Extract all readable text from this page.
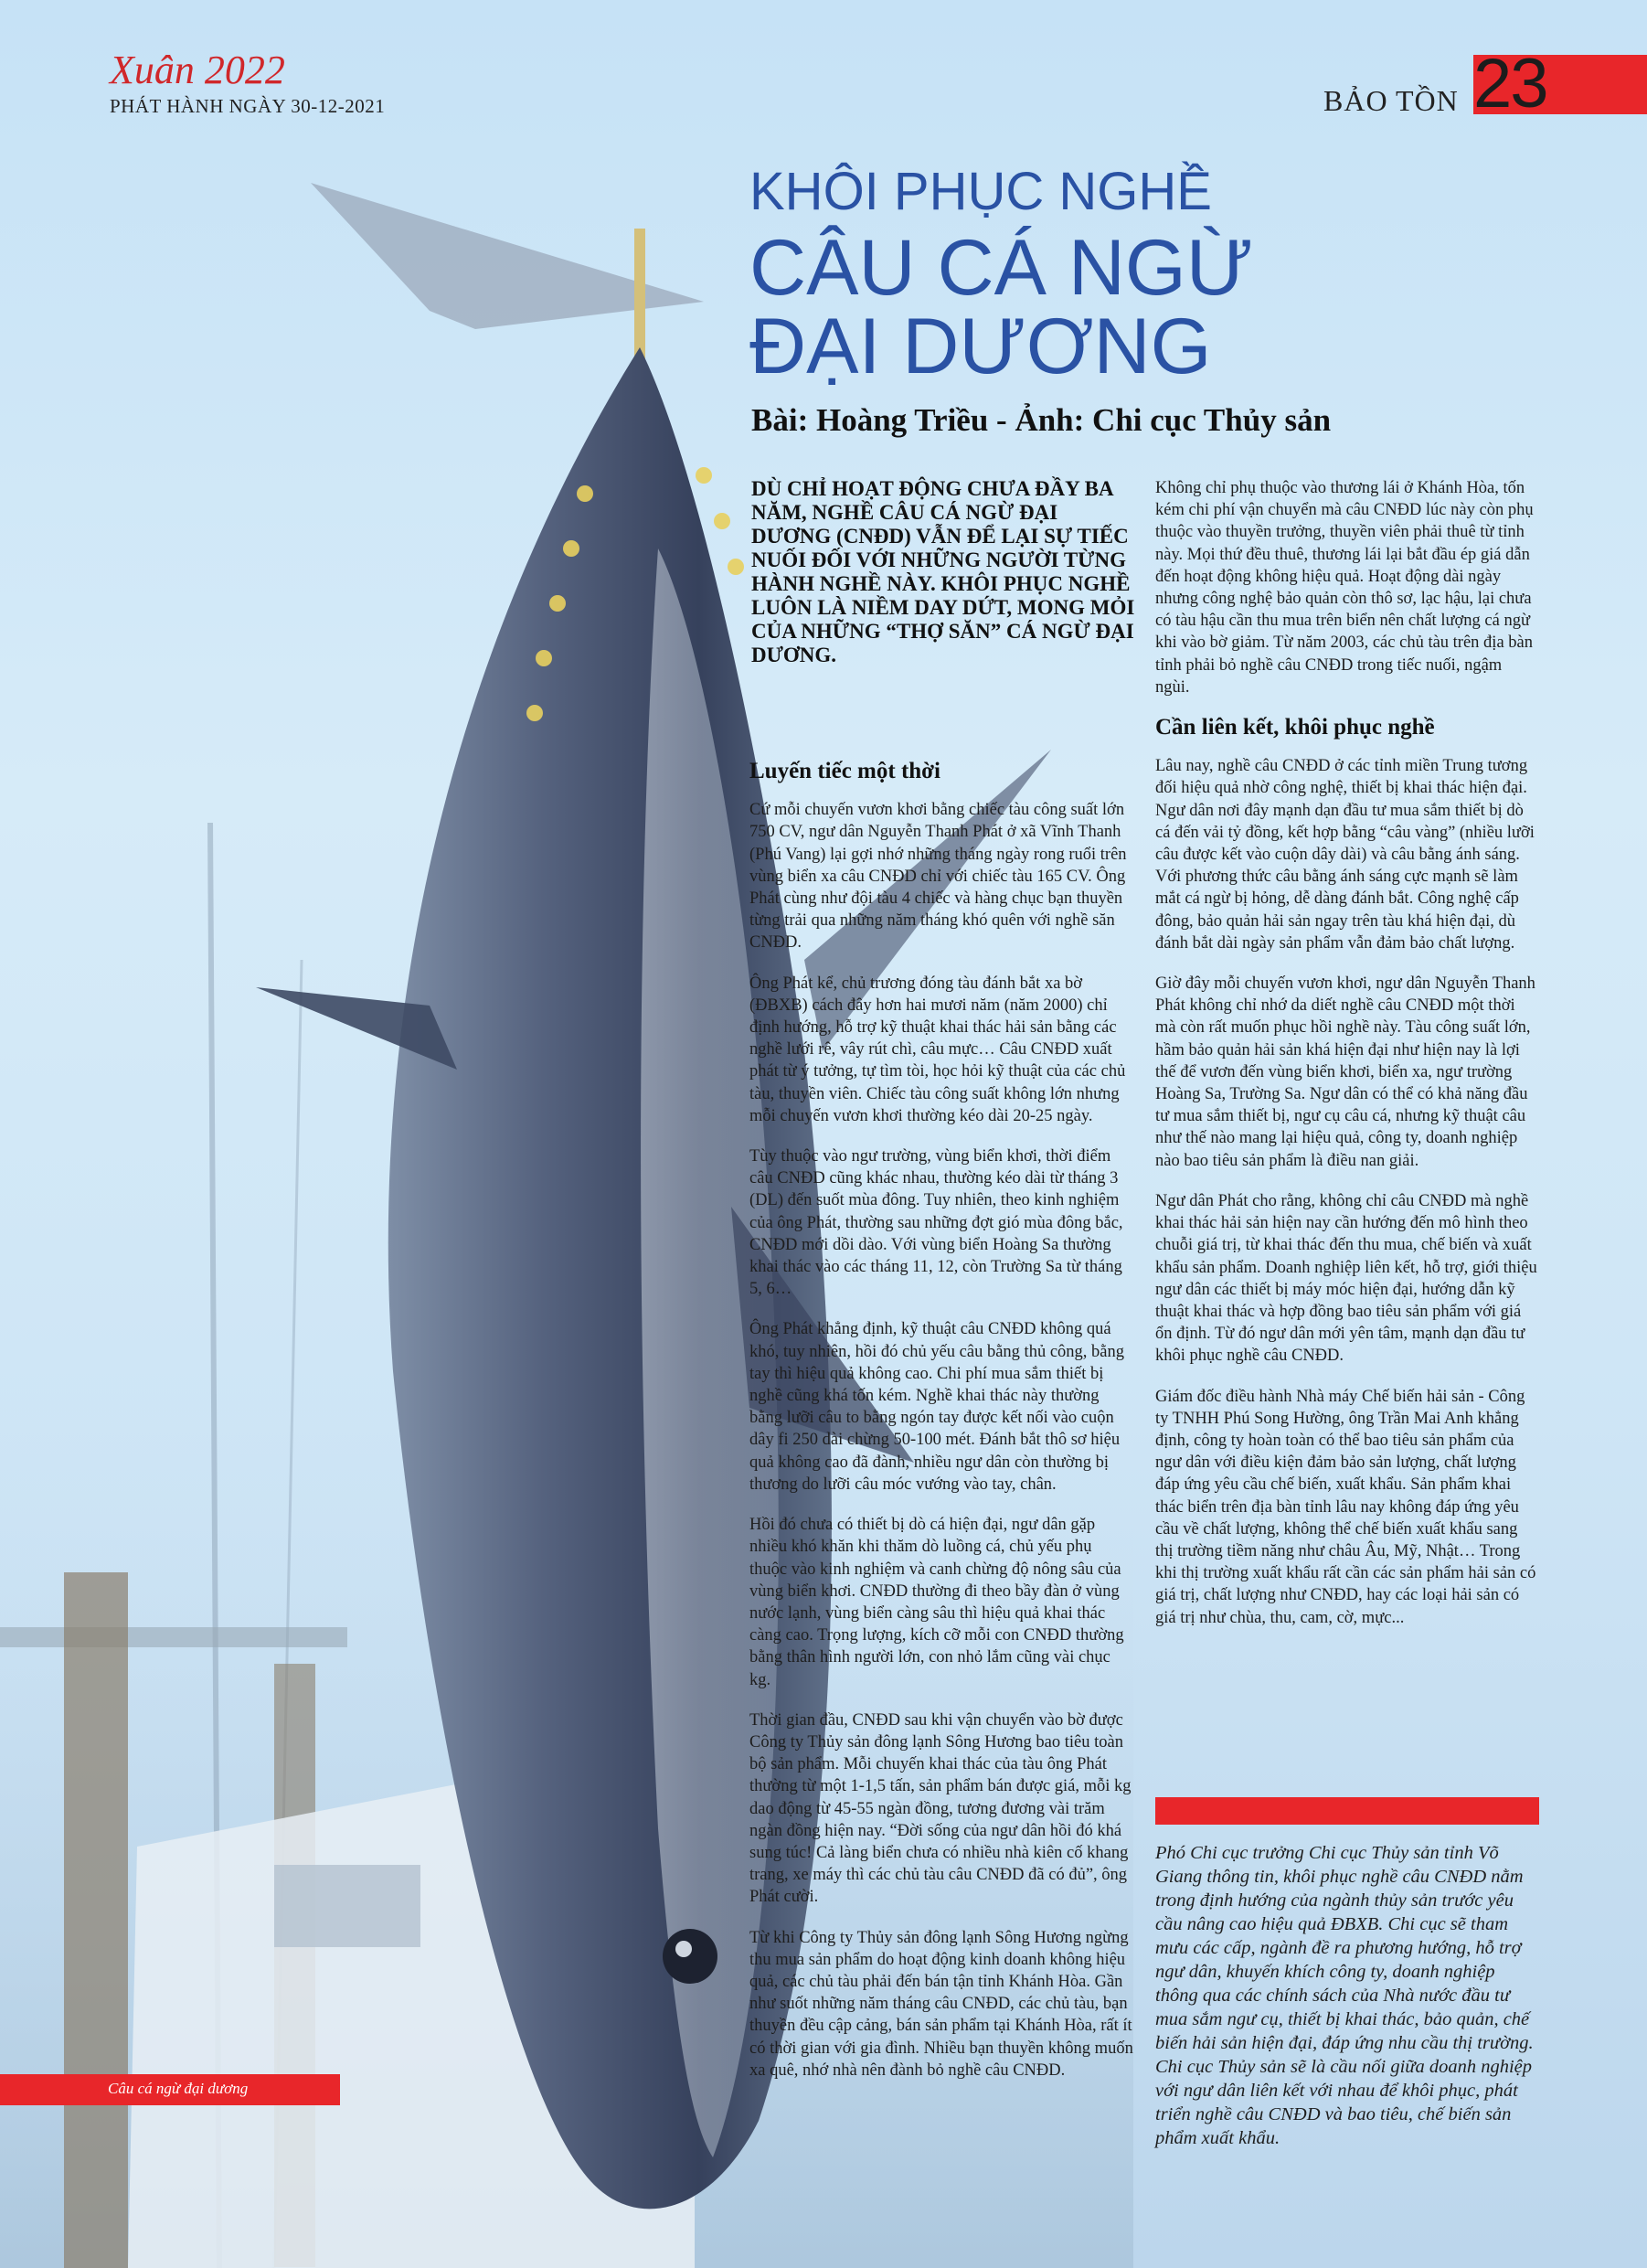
Xuân 2022
PHÁT HÀNH NGÀY 30-12-2021	BẢO TỒN 23
KHÔI PHỤC NGHỀ
CÂU CÁ NGỪ
ĐẠI DƯƠNG
Bài: Hoàng Triều - Ảnh: Chi cục Thủy sản
DÙ CHỈ HOẠT ĐỘNG CHƯA ĐẦY BA NĂM, NGHỀ CÂU CÁ NGỪ ĐẠI DƯƠNG (CNĐD) VẪN ĐỂ LẠI SỰ TIẾC NUỐI ĐỐI VỚI NHỮNG NGƯỜI TỪNG HÀNH NGHỀ NÀY. KHÔI PHỤC NGHỀ LUÔN LÀ NIỀM DAY DỨT, MONG MỎI CỦA NHỮNG “THỢ SĂN” CÁ NGỪ ĐẠI DƯƠNG.
Luyến tiếc một thời

Cứ mỗi chuyến vươn khơi bằng chiếc tàu công suất lớn 750 CV, ngư dân Nguyễn Thanh Phát ở xã Vĩnh Thanh (Phú Vang) lại gợi nhớ những tháng ngày rong ruổi trên vùng biển xa câu CNĐD chỉ với chiếc tàu 165 CV. Ông Phát cùng như đội tàu 4 chiếc và hàng chục bạn thuyền từng trải qua những năm tháng khó quên với nghề săn CNĐD.

Ông Phát kể, chủ trương đóng tàu đánh bắt xa bờ (ĐBXB) cách đây hơn hai mươi năm (năm 2000) chỉ định hướng, hỗ trợ kỹ thuật khai thác hải sản bằng các nghề lưới rê, vây rút chì, câu mực… Câu CNĐD xuất phát từ ý tưởng, tự tìm tòi, học hỏi kỹ thuật của các chủ tàu, thuyền viên. Chiếc tàu công suất không lớn nhưng mỗi chuyến vươn khơi thường kéo dài 20-25 ngày.

Tùy thuộc vào ngư trường, vùng biển khơi, thời điểm câu CNĐD cũng khác nhau, thường kéo dài từ tháng 3 (DL) đến suốt mùa đông. Tuy nhiên, theo kinh nghiệm của ông Phát, thường sau những đợt gió mùa đông bắc, CNĐD mới dồi dào. Với vùng biển Hoàng Sa thường khai thác vào các tháng 11, 12, còn Trường Sa từ tháng 5, 6…

Ông Phát khẳng định, kỹ thuật câu CNĐD không quá khó, tuy nhiên, hồi đó chủ yếu câu bằng thủ công, bằng tay thì hiệu quả không cao. Chi phí mua sắm thiết bị nghề cũng khá tốn kém. Nghề khai thác này thường bằng lưỡi câu to bằng ngón tay được kết nối vào cuộn dây fi 250 dài chừng 50-100 mét. Đánh bắt thô sơ hiệu quả không cao đã đành, nhiều ngư dân còn thường bị thương do lưỡi câu móc vướng vào tay, chân.

Hồi đó chưa có thiết bị dò cá hiện đại, ngư dân gặp nhiều khó khăn khi thăm dò luồng cá, chủ yếu phụ thuộc vào kinh nghiệm và canh chừng độ nông sâu của vùng biển khơi. CNĐD thường đi theo bầy đàn ở vùng nước lạnh, vùng biển càng sâu thì hiệu quả khai thác càng cao. Trọng lượng, kích cỡ mỗi con CNĐD thường bằng thân hình người lớn, con nhỏ lắm cũng vài chục kg.

Thời gian đầu, CNĐD sau khi vận chuyển vào bờ được Công ty Thủy sản đông lạnh Sông Hương bao tiêu toàn bộ sản phẩm. Mỗi chuyến khai thác của tàu ông Phát thường từ một 1-1,5 tấn, sản phẩm bán được giá, mỗi kg dao động từ 45-55 ngàn đồng, tương đương vài trăm ngàn đồng hiện nay. “Đời sống của ngư dân hồi đó khá sung túc! Cả làng biển chưa có nhiều nhà kiên cố khang trang, xe máy thì các chủ tàu câu CNĐD đã có đủ”, ông Phát cười.

Từ khi Công ty Thủy sản đông lạnh Sông Hương ngừng thu mua sản phẩm do hoạt động kinh doanh không hiệu quả, các chủ tàu phải đến bán tận tỉnh Khánh Hòa. Gần như suốt những năm tháng câu CNĐD, các chủ tàu, bạn thuyền đều cập cảng, bán sản phẩm tại Khánh Hòa, rất ít có thời gian với gia đình. Nhiều bạn thuyền không muốn xa quê, nhớ nhà nên đành bỏ nghề câu CNĐD.

Không chỉ phụ thuộc vào thương lái ở Khánh Hòa, tốn kém chi phí vận chuyển mà câu CNĐD lúc này còn phụ thuộc vào thuyền trưởng, thuyền viên phải thuê từ tỉnh này. Mọi thứ đều thuê, thương lái lại bắt đầu ép giá dẫn đến hoạt động không hiệu quả. Hoạt động dài ngày nhưng công nghệ bảo quản còn thô sơ, lạc hậu, lại chưa có tàu hậu cần thu mua trên biển nên chất lượng cá ngừ khi vào bờ giảm. Từ năm 2003, các chủ tàu trên địa bàn tỉnh phải bỏ nghề câu CNĐD trong tiếc nuối, ngậm ngùi.

Cần liên kết, khôi phục nghề

Lâu nay, nghề câu CNĐD ở các tỉnh miền Trung tương đối hiệu quả nhờ công nghệ, thiết bị khai thác hiện đại. Ngư dân nơi đây mạnh dạn đầu tư mua sắm thiết bị dò cá đến vải tỷ đồng, kết hợp bằng “câu vàng” (nhiều lưỡi câu được kết vào cuộn dây dài) và câu bằng ánh sáng. Với phương thức câu bằng ánh sáng cực mạnh sẽ làm mắt cá ngừ bị hỏng, dễ dàng đánh bắt. Công nghệ cấp đông, bảo quản hải sản ngay trên tàu khá hiện đại, dù đánh bắt dài ngày sản phẩm vẫn đảm bảo chất lượng.

Giờ đây mỗi chuyến vươn khơi, ngư dân Nguyễn Thanh Phát không chỉ nhớ da diết nghề câu CNĐD một thời mà còn rất muốn phục hồi nghề này. Tàu công suất lớn, hầm bảo quản hải sản khá hiện đại như hiện nay là lợi thế để vươn đến vùng biển khơi, biển xa, ngư trường Hoàng Sa, Trường Sa. Ngư dân có thể có khả năng đầu tư mua sắm thiết bị, ngư cụ câu cá, nhưng kỹ thuật câu như thế nào mang lại hiệu quả, công ty, doanh nghiệp nào bao tiêu sản phẩm là điều nan giải.

Ngư dân Phát cho rằng, không chỉ câu CNĐD mà nghề khai thác hải sản hiện nay cần hướng đến mô hình theo chuỗi giá trị, từ khai thác đến thu mua, chế biến và xuất khẩu sản phẩm. Doanh nghiệp liên kết, hỗ trợ, giới thiệu ngư dân các thiết bị máy móc hiện đại, hướng dẫn kỹ thuật khai thác và hợp đồng bao tiêu sản phẩm với giá ổn định. Từ đó ngư dân mới yên tâm, mạnh dạn đầu tư khôi phục nghề câu CNĐD.

Giám đốc điều hành Nhà máy Chế biến hải sản - Công ty TNHH Phú Song Hường, ông Trần Mai Anh khẳng định, công ty hoàn toàn có thể bao tiêu sản phẩm của ngư dân với điều kiện đảm bảo sản lượng, chất lượng đáp ứng yêu cầu chế biến, xuất khẩu. Sản phẩm khai thác biển trên địa bàn tỉnh lâu nay không đáp ứng yêu cầu về chất lượng, không thể chế biến xuất khẩu sang thị trường tiềm năng như châu Âu, Mỹ, Nhật… Trong khi thị trường xuất khẩu rất cần các sản phẩm hải sản có giá trị, chất lượng như CNĐD, hay các loại hải sản có giá trị như chùa, thu, cam, cờ, mực...

Phó Chi cục trưởng Chi cục Thủy sản tỉnh Võ Giang thông tin, khôi phục nghề câu CNĐD nằm trong định hướng của ngành thủy sản trước yêu cầu nâng cao hiệu quả ĐBXB. Chi cục sẽ tham mưu các cấp, ngành đề ra phương hướng, hỗ trợ ngư dân, khuyến khích công ty, doanh nghiệp thông qua các chính sách của Nhà nước đầu tư mua sắm ngư cụ, thiết bị khai thác, bảo quản, chế biến hải sản hiện đại, đáp ứng nhu cầu thị trường. Chi cục Thủy sản sẽ là cầu nối giữa doanh nghiệp với ngư dân liên kết với nhau để khôi phục, phát triển nghề câu CNĐD và bao tiêu, chế biến sản phẩm xuất khẩu.
Câu cá ngừ đại dương
